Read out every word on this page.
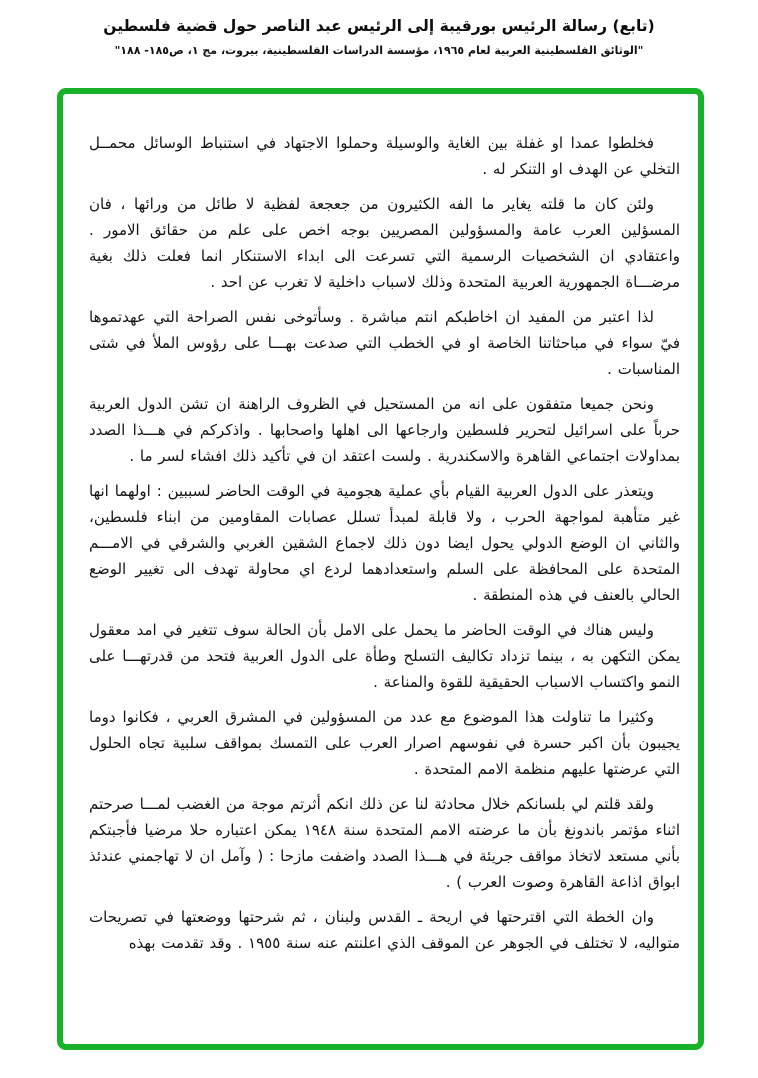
(تابع) رسالة الرئيس بورقيبة إلى الرئيس عبد الناصر حول قضية فلسطين
"الوثائق الفلسطينية العربية لعام ١٩٦٥، مؤسسة الدراسات الفلسطينية، بيروت، مج ١، ص١٨٥- ١٨٨"

فخلطوا عمدا او غفلة بين الغاية والوسيلة وحملوا الاجتهاد في استنباط الوسائل محمــل التخلي عن الهدف او التنكر له .

ولئن كان ما قلته يغاير ما الفه الكثيرون من جعجعة لفظية لا طائل من ورائها ، فان المسؤلين العرب عامة والمسؤولين المصريين بوجه اخص على علم من حقائق الامور . واعتقادي ان الشخصيات الرسمية التي تسرعت الى ابداء الاستنكار انما فعلت ذلك بغية مرضـــاة الجمهورية العربية المتحدة وذلك لاسباب داخلية لا تغرب عن احد .

لذا اعتبر من المفيد ان اخاطبكم انتم مباشرة . وسأتوخى نفس الصراحة التي عهدتموها فيّ سواء في مباحثاتنا الخاصة او في الخطب التي صدعت بهـــا على رؤوس الملأ في شتى المناسبات .

ونحن جميعا متفقون على انه من المستحيل في الظروف الراهنة ان تشن الدول العربية حرباً على اسرائيل لتحرير فلسطين وارجاعها الى اهلها واصحابها . واذكركم في هـــذا الصدد بمداولات اجتماعي القاهرة والاسكندرية . ولست اعتقد ان في تأكيد ذلك افشاء لسر ما .

ويتعذر على الدول العربية القيام بأي عملية هجومية في الوقت الحاضر لسببين : اولهما انها غير متأهبة لمواجهة الحرب ، ولا قابلة لمبدأ تسلل عصابات المقاومين من ابناء فلسطين، والثاني ان الوضع الدولي يحول ايضا دون ذلك لاجماع الشقين الغربي والشرقي في الامـــم المتحدة على المحافظة على السلم واستعدادهما لردع اي محاولة تهدف الى تغيير الوضع الحالي بالعنف في هذه المنطقة .

وليس هناك في الوقت الحاضر ما يحمل على الامل بأن الحالة سوف تتغير في امد معقول يمكن التكهن به ، بينما تزداد تكاليف التسلح وطأة على الدول العربية فتحد من قدرتهـــا على النمو واكتساب الاسباب الحقيقية للقوة والمناعة .

وكثيرا ما تناولت هذا الموضوع مع عدد من المسؤولين في المشرق العربي ، فكانوا دوما يجيبون بأن اكبر حسرة في نفوسهم اصرار العرب على التمسك بمواقف سلبية تجاه الحلول التي عرضتها عليهم منظمة الامم المتحدة .

ولقد قلتم لي بلسانكم خلال محادثة لنا عن ذلك انكم أثرتم موجة من الغضب لمـــا صرحتم اثناء مؤتمر باندونغ بأن ما عرضته الامم المتحدة سنة ١٩٤٨ يمكن اعتباره حلا مرضيا فأجبتكم بأني مستعد لاتخاذ مواقف جريئة في هـــذا الصدد واضفت مازحا : ( وآمل ان لا تهاجمني عندئذ ابواق اذاعة القاهرة وصوت العرب ) .

وان الخطة التي اقترحتها في اريحة ـ القدس ولبنان ، ثم شرحتها ووضعتها في تصريحات متواليه، لا تختلف في الجوهر عن الموقف الذي اعلنتم عنه سنة ١٩٥٥ . وقد تقدمت بهذه
